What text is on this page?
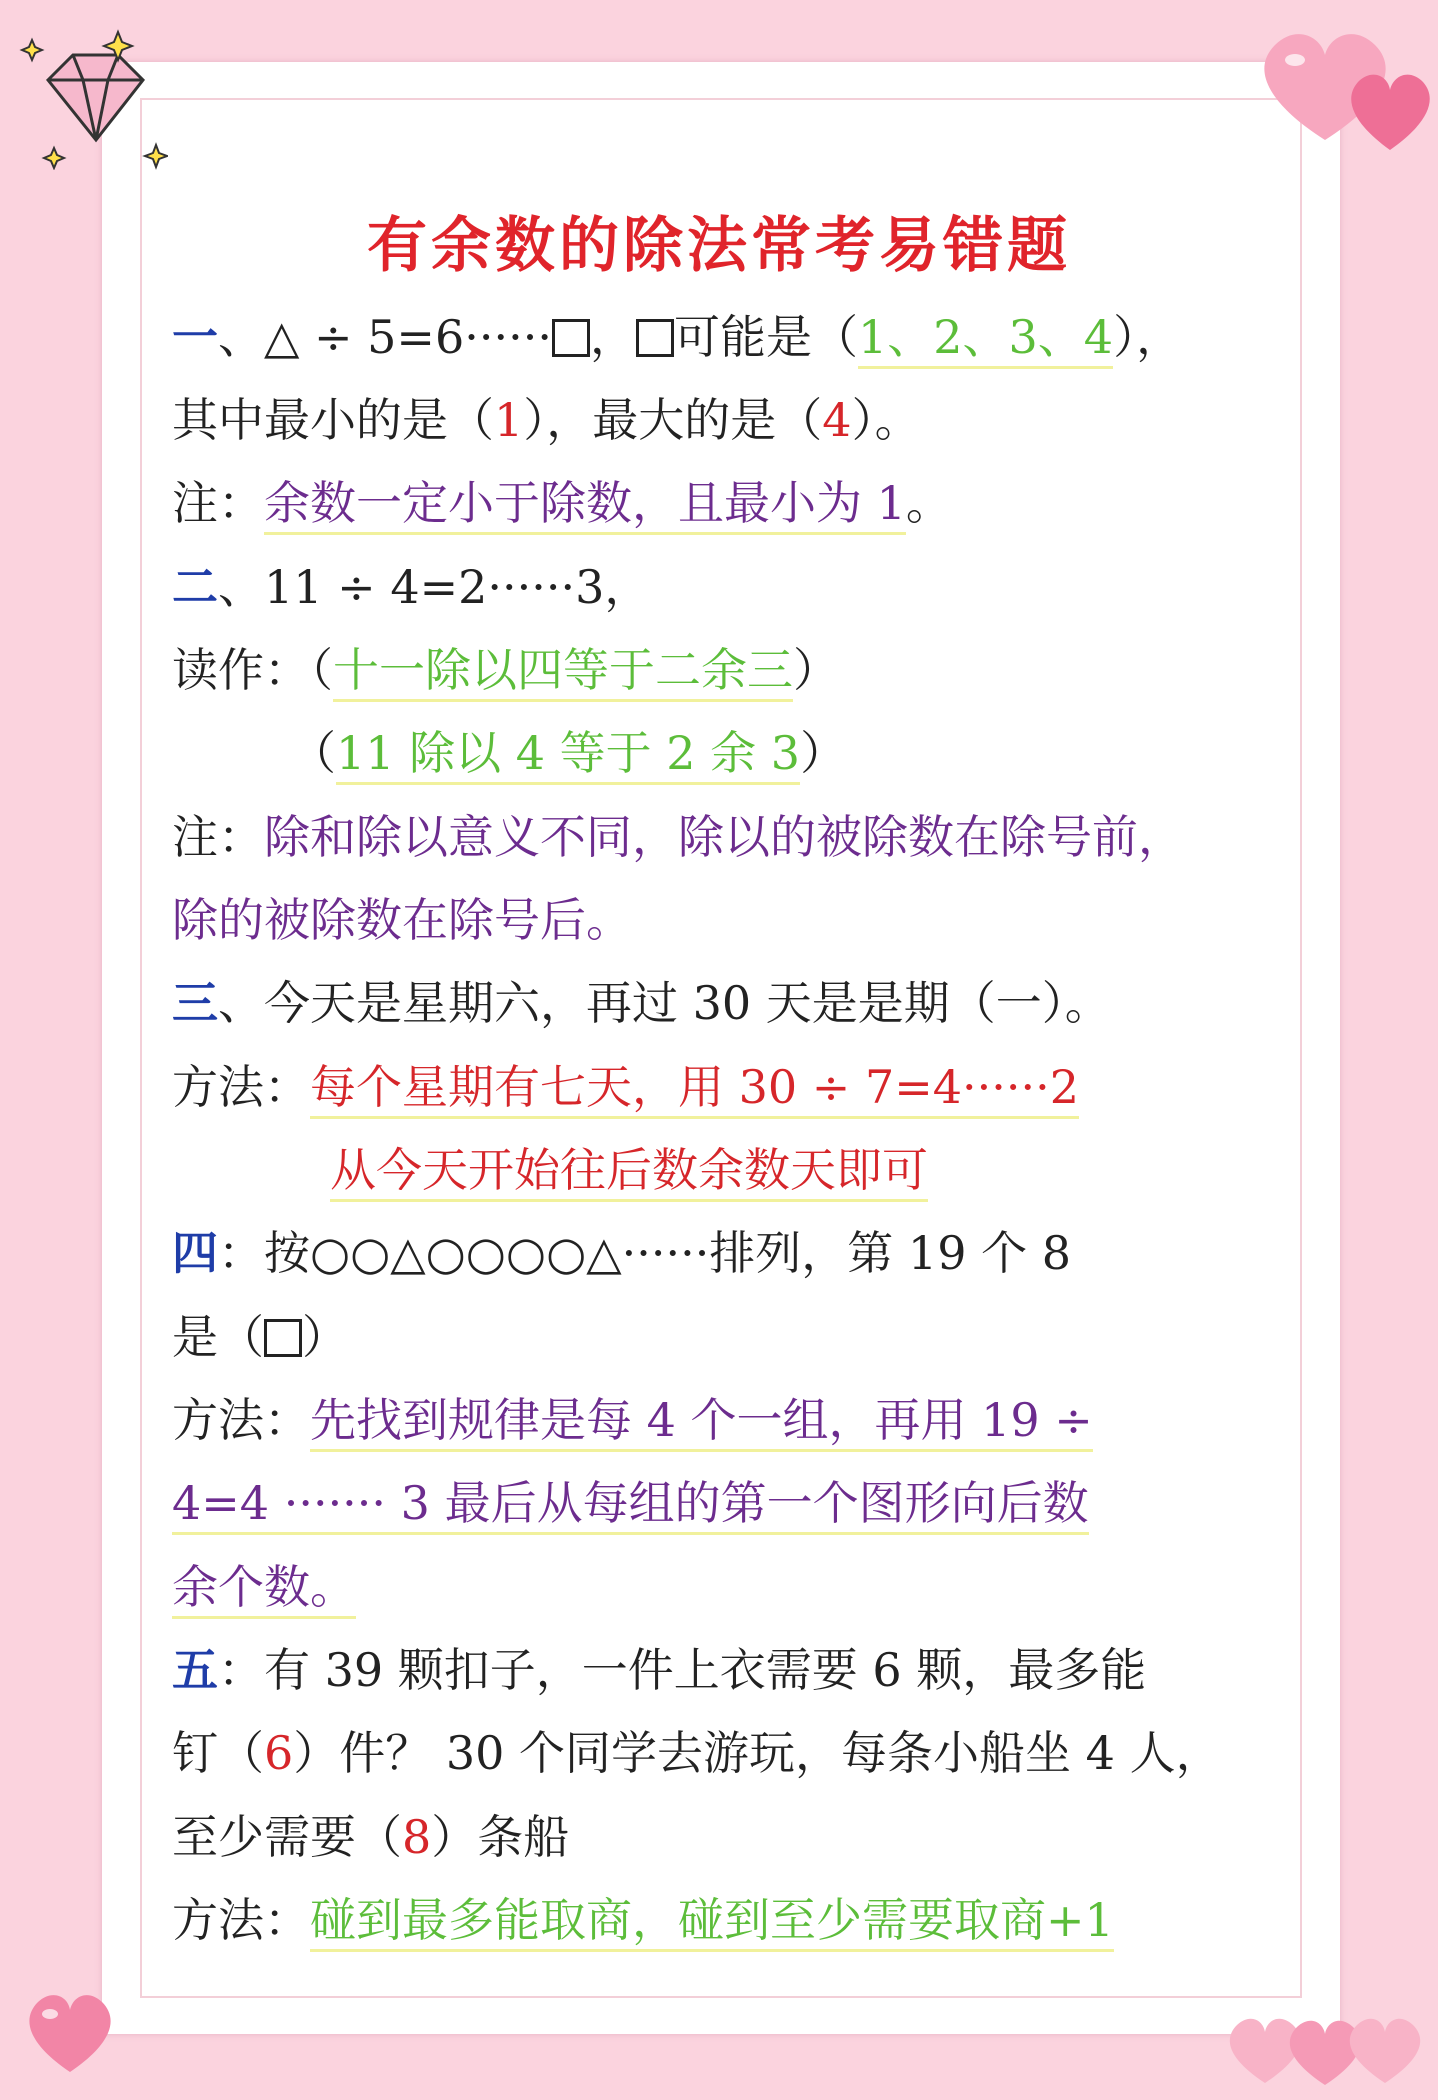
有余数的除法常考易错题
一、△ ÷ 5=6······ ， 可能是（1、2、3、4），
其中最小的是（1），最大的是（4）。
注：余数一定小于除数，且最小为 1。
二、11 ÷ 4=2······3，
读作：（十一除以四等于二余三）
（11 除以 4 等于 2 余 3）
注：除和除以意义不同，除以的被除数在除号前，
除的被除数在除号后。
三、今天是星期六，再过 30 天是是期（一）。
方法：每个星期有七天，用 30 ÷ 7=4······2
从今天开始往后数余数天即可
四：按○○△○○○○△······排列，第 19 个 8
是（ ）
方法：先找到规律是每 4 个一组，再用 19 ÷
4=4 ······· 3 最后从每组的第一个图形向后数
余个数。
五：有 39 颗扣子，一件上衣需要 6 颗，最多能
钉（6）件？ 30 个同学去游玩，每条小船坐 4 人，
至少需要（8）条船
方法：碰到最多能取商，碰到至少需要取商+1
